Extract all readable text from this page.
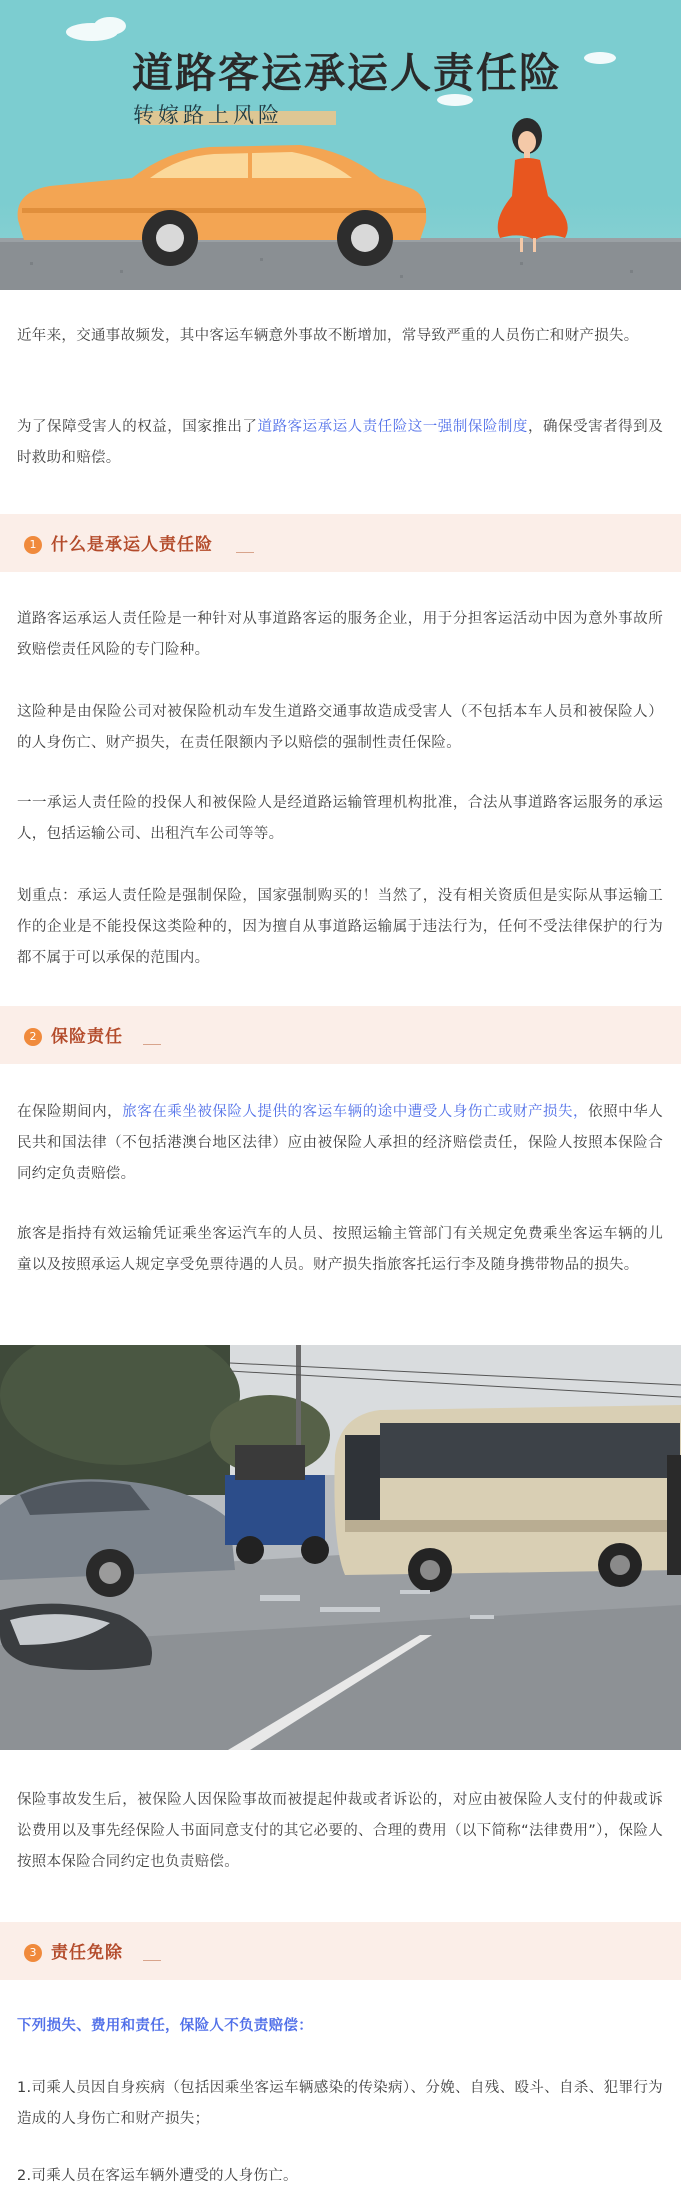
道路客运承运人责任险
转嫁路上风险

近年来，交通事故频发，其中客运车辆意外事故不断增加，常导致严重的人员伤亡和财产损失。

为了保障受害人的权益，国家推出了道路客运承运人责任险这一强制保险制度，确保受害者得到及时救助和赔偿。

1 什么是承运人责任险

道路客运承运人责任险是一种针对从事道路客运的服务企业，用于分担客运活动中因为意外事故所致赔偿责任风险的专门险种。

这险种是由保险公司对被保险机动车发生道路交通事故造成受害人（不包括本车人员和被保险人）的人身伤亡、财产损失，在责任限额内予以赔偿的强制性责任保险。

一一承运人责任险的投保人和被保险人是经道路运输管理机构批准，合法从事道路客运服务的承运人，包括运输公司、出租汽车公司等等。

划重点：承运人责任险是强制保险，国家强制购买的！当然了，没有相关资质但是实际从事运输工作的企业是不能投保这类险种的，因为擅自从事道路运输属于违法行为，任何不受法律保护的行为都不属于可以承保的范围内。

2 保险责任

在保险期间内，旅客在乘坐被保险人提供的客运车辆的途中遭受人身伤亡或财产损失，依照中华人民共和国法律（不包括港澳台地区法律）应由被保险人承担的经济赔偿责任，保险人按照本保险合同约定负责赔偿。

旅客是指持有效运输凭证乘坐客运汽车的人员、按照运输主管部门有关规定免费乘坐客运车辆的儿童以及按照承运人规定享受免票待遇的人员。财产损失指旅客托运行李及随身携带物品的损失。

保险事故发生后，被保险人因保险事故而被提起仲裁或者诉讼的，对应由被保险人支付的仲裁或诉讼费用以及事先经保险人书面同意支付的其它必要的、合理的费用（以下简称“法律费用”），保险人按照本保险合同约定也负责赔偿。

3 责任免除

下列损失、费用和责任，保险人不负责赔偿：

1.司乘人员因自身疾病（包括因乘坐客运车辆感染的传染病）、分娩、自残、殴斗、自杀、犯罪行为造成的人身伤亡和财产损失；

2.司乘人员在客运车辆外遭受的人身伤亡。
